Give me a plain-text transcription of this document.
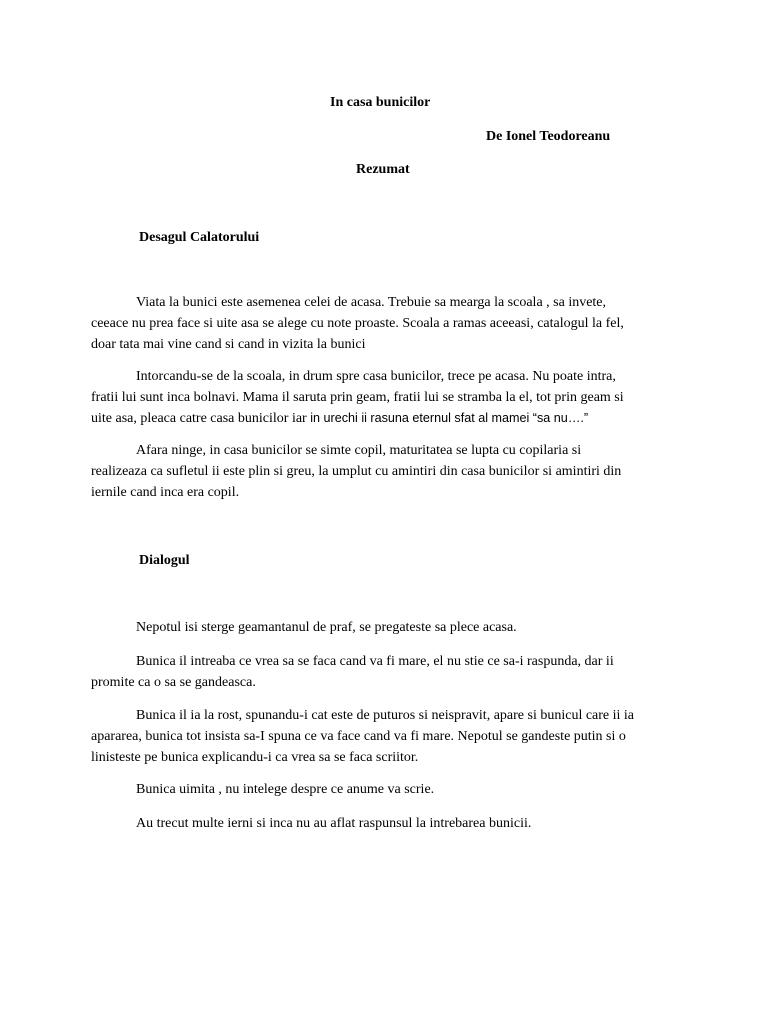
In casa bunicilor
De Ionel Teodoreanu
Rezumat
Desagul Calatorului
Viata la bunici este asemenea celei de acasa. Trebuie sa mearga la scoala , sa invete,
ceeace nu prea face si uite asa se alege cu note proaste. Scoala a ramas aceeasi, catalogul la fel,
doar tata mai vine cand si cand in vizita la bunici
Intorcandu-se de la scoala, in drum spre casa bunicilor, trece pe acasa. Nu poate intra,
fratii lui sunt inca bolnavi. Mama il saruta prin geam, fratii lui se stramba la el, tot prin geam si
uite asa, pleaca catre casa bunicilor iar in urechi ii rasuna eternul sfat al mamei “sa nu….”
Afara ninge, in casa bunicilor se simte copil, maturitatea se lupta cu copilaria si
realizeaza ca sufletul ii este plin si greu, la umplut cu amintiri din casa bunicilor si amintiri din
iernile cand inca era copil.
Dialogul
Nepotul isi sterge geamantanul de praf, se pregateste sa plece acasa.
Bunica il intreaba ce vrea sa se faca cand va fi mare, el nu stie ce sa-i raspunda, dar ii
promite ca o sa se gandeasca.
Bunica il ia la rost, spunandu-i cat este de puturos si neispravit, apare si bunicul care ii ia
apararea, bunica tot insista sa-I spuna ce va face cand va fi mare. Nepotul se gandeste putin si o
linisteste pe bunica explicandu-i ca vrea sa se faca scriitor.
Bunica uimita , nu intelege despre ce anume va scrie.
Au trecut multe ierni si inca nu au aflat raspunsul la intrebarea bunicii.
